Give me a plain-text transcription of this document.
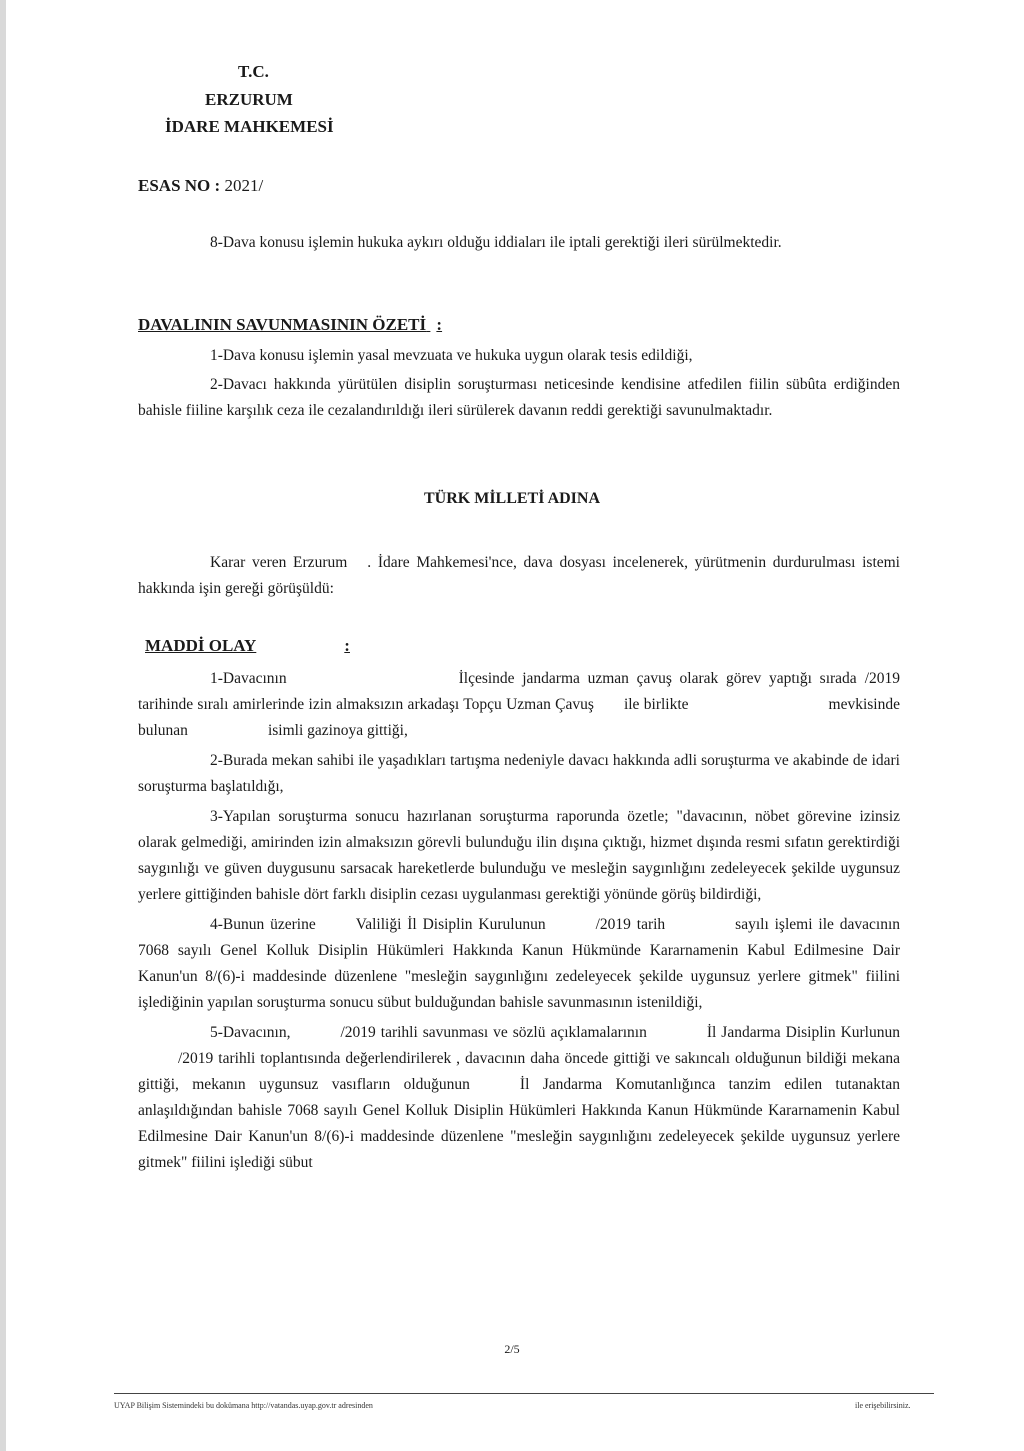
T.C.
ERZURUM
İDARE MAHKEMESİ
ESAS NO : 2021/

8-Dava konusu işlemin hukuka aykırı olduğu iddiaları ile iptali gerektiği ileri sürülmektedir.

DAVALININ SAVUNMASININ ÖZETİ :

1-Dava konusu işlemin yasal mevzuata ve hukuka uygun olarak tesis edildiği,

2-Davacı hakkında yürütülen disiplin soruşturması neticesinde kendisine atfedilen fiilin sübûta erdiğinden bahisle fiiline karşılık ceza ile cezalandırıldığı ileri sürülerek davanın reddi gerektiği savunulmaktadır.

TÜRK MİLLETİ ADINA

Karar veren Erzurum . İdare Mahkemesi'nce, dava dosyası incelenerek, yürütmenin durdurulması istemi hakkında işin gereği görüşüldü:

MADDİ OLAY	:

1-Davacının	İlçesinde jandarma uzman çavuş olarak görev yaptığı sırada /2019 tarihinde sıralı amirlerinde izin almaksızın arkadaşı Topçu Uzman Çavuş ile birlikte	mevkisinde bulunan	isimli gazinoya gittiği,

2-Burada mekan sahibi ile yaşadıkları tartışma nedeniyle davacı hakkında adli soruşturma ve akabinde de idari soruşturma başlatıldığı,

3-Yapılan soruşturma sonucu hazırlanan soruşturma raporunda özetle; "davacının, nöbet görevine izinsiz olarak gelmediği, amirinden izin almaksızın görevli bulunduğu ilin dışına çıktığı, hizmet dışında resmi sıfatın gerektirdiği saygınlığı ve güven duygusunu sarsacak hareketlerde bulunduğu ve mesleğin saygınlığını zedeleyecek şekilde uygunsuz yerlere gittiğinden bahisle dört farklı disiplin cezası uygulanması gerektiği yönünde görüş bildirdiği,

4-Bunun üzerine	Valiliği İl Disiplin Kurulunun	/2019 tarih	sayılı işlemi ile davacının 7068 sayılı Genel Kolluk Disiplin Hükümleri Hakkında Kanun Hükmünde Kararnamenin Kabul Edilmesine Dair Kanun'un 8/(6)-i maddesinde düzenlene "mesleğin saygınlığını zedeleyecek şekilde uygunsuz yerlere gitmek" fiilini işlediğinin yapılan soruşturma sonucu sübut bulduğundan bahisle savunmasının istenildiği,

5-Davacının,	/2019 tarihli savunması ve sözlü açıklamalarının	İl Jandarma Disiplin Kurlunun/2019 tarihli toplantısında değerlendirilerek , davacının daha öncede gittiği ve sakıncalı olduğunun bildiği mekana gittiği, mekanın uygunsuz vasıfların olduğunun	İl Jandarma Komutanlığınca tanzim edilen tutanaktan anlaşıldığından bahisle 7068 sayılı Genel Kolluk Disiplin Hükümleri Hakkında Kanun Hükmünde Kararnamenin Kabul Edilmesine Dair Kanun'un 8/(6)-i maddesinde düzenlene "mesleğin saygınlığını zedeleyecek şekilde uygunsuz yerlere gitmek" fiilini işlediği sübut

2/5
UYAP Bilişim Sistemindeki bu dokümana http://vatandas.uyap.gov.tr adresinden	ile erişebilirsiniz.
